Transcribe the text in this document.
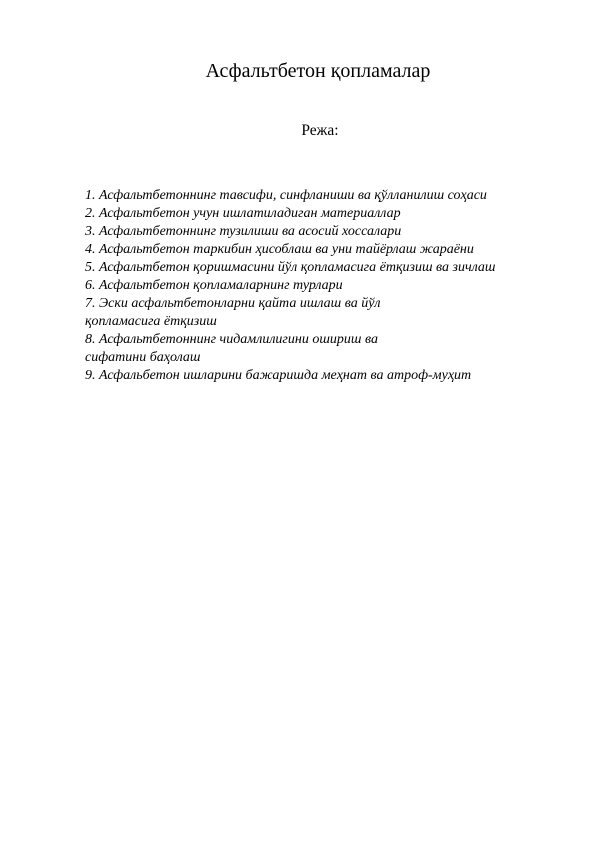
Асфальтбетон қопламалар
Режа:
1. Асфальтбетоннинг тавсифи, синфланиши ва қўлланилиш соҳаси
2. Асфальтбетон учун ишлатиладиган материаллар
3. Асфальтбетоннинг тузилиши ва асосий хоссалари
4. Асфальтбетон таркибин ҳисоблаш ва уни тайёрлаш жараёни
5. Асфальтбетон қоришмасини йўл қопламасига ётқизиш ва зичлаш
6. Асфальтбетон қопламаларнинг турлари
7. Эски асфальтбетонларни қайта ишлаш ва йўл қопламасига ётқизиш
8. Асфальтбетоннинг чидамлилигини ошириш ва сифатини баҳолаш
9. Асфальбетон ишларини бажаришда меҳнат ва атроф-муҳит
